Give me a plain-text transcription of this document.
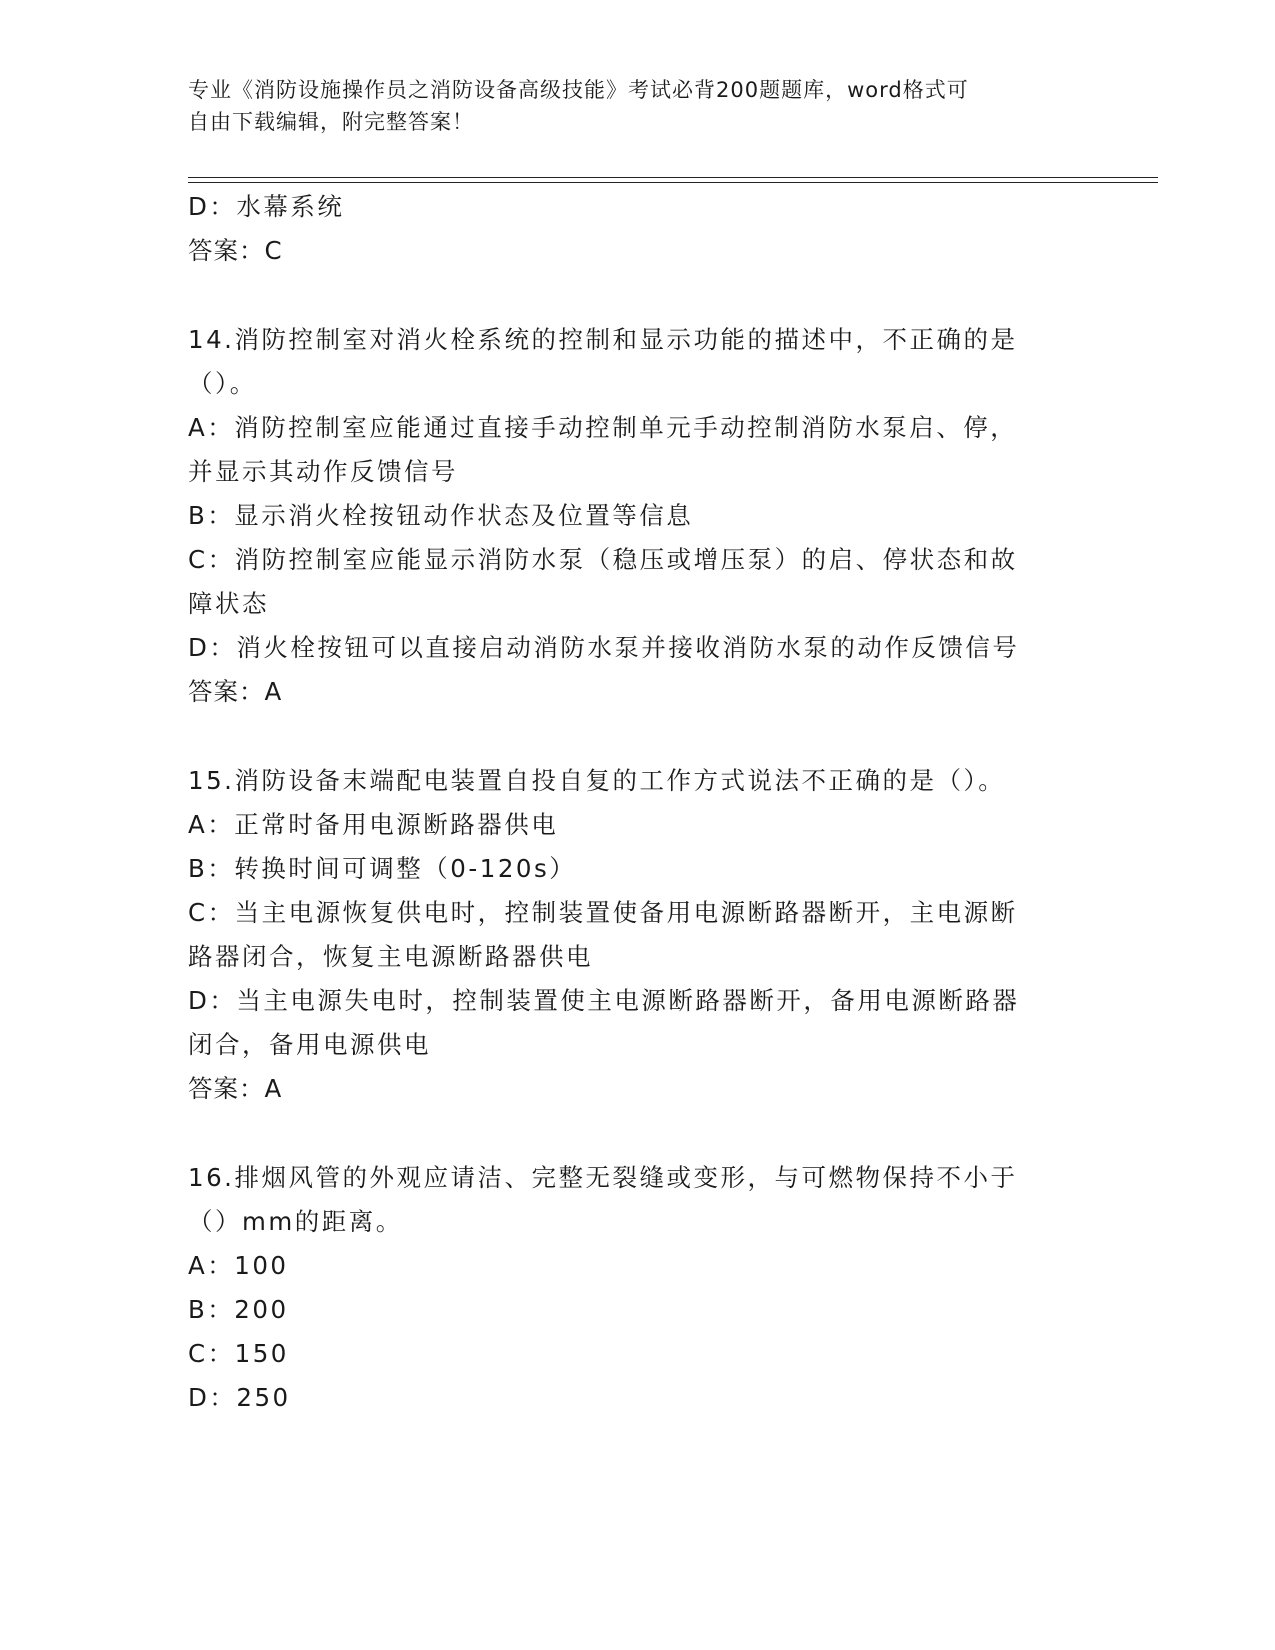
专业《消防设施操作员之消防设备高级技能》考试必背200题题库，word格式可
自由下载编辑，附完整答案！
D：水幕系统
答案：C
14.消防控制室对消火栓系统的控制和显示功能的描述中，不正确的是
（）。
A：消防控制室应能通过直接手动控制单元手动控制消防水泵启、停，
并显示其动作反馈信号
B：显示消火栓按钮动作状态及位置等信息
C：消防控制室应能显示消防水泵（稳压或增压泵）的启、停状态和故
障状态
D：消火栓按钮可以直接启动消防水泵并接收消防水泵的动作反馈信号
答案：A
15.消防设备末端配电装置自投自复的工作方式说法不正确的是（）。
A：正常时备用电源断路器供电
B：转换时间可调整（0-120s）
C：当主电源恢复供电时，控制装置使备用电源断路器断开，主电源断
路器闭合，恢复主电源断路器供电
D：当主电源失电时，控制装置使主电源断路器断开，备用电源断路器
闭合，备用电源供电
答案：A
16.排烟风管的外观应请洁、完整无裂缝或变形，与可燃物保持不小于
（）mm的距离。
A：100
B：200
C：150
D：250
